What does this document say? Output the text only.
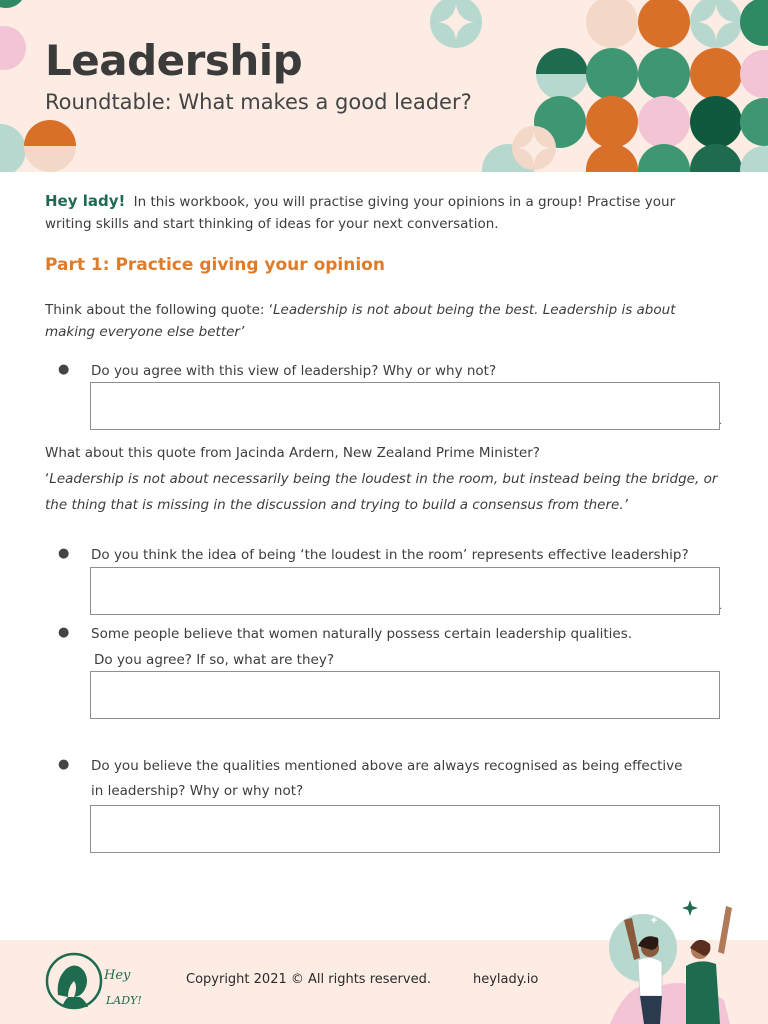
Leadership
Roundtable: What makes a good leader?
Hey lady! In this workbook, you will practise giving your opinions in a group! Practise your writing skills and start thinking of ideas for your next conversation.
Part 1: Practice giving your opinion
Think about the following quote: ‘Leadership is not about being the best. Leadership is about making everyone else better’
● Do you agree with this view of leadership? Why or why not?
.
What about this quote from Jacinda Ardern, New Zealand Prime Minister?
‘Leadership is not about necessarily being the loudest in the room, but instead being the bridge, or the thing that is missing in the discussion and trying to build a consensus from there.’
● Do you think the idea of being ‘the loudest in the room’ represents effective leadership?
.
● Some people believe that women naturally possess certain leadership qualities.
Do you agree? If so, what are they?
● Do you believe the qualities mentioned above are always recognised as being effective in leadership? Why or why not?
Hey
LADY!
Copyright 2021 © All rights reserved.	heylady.io
